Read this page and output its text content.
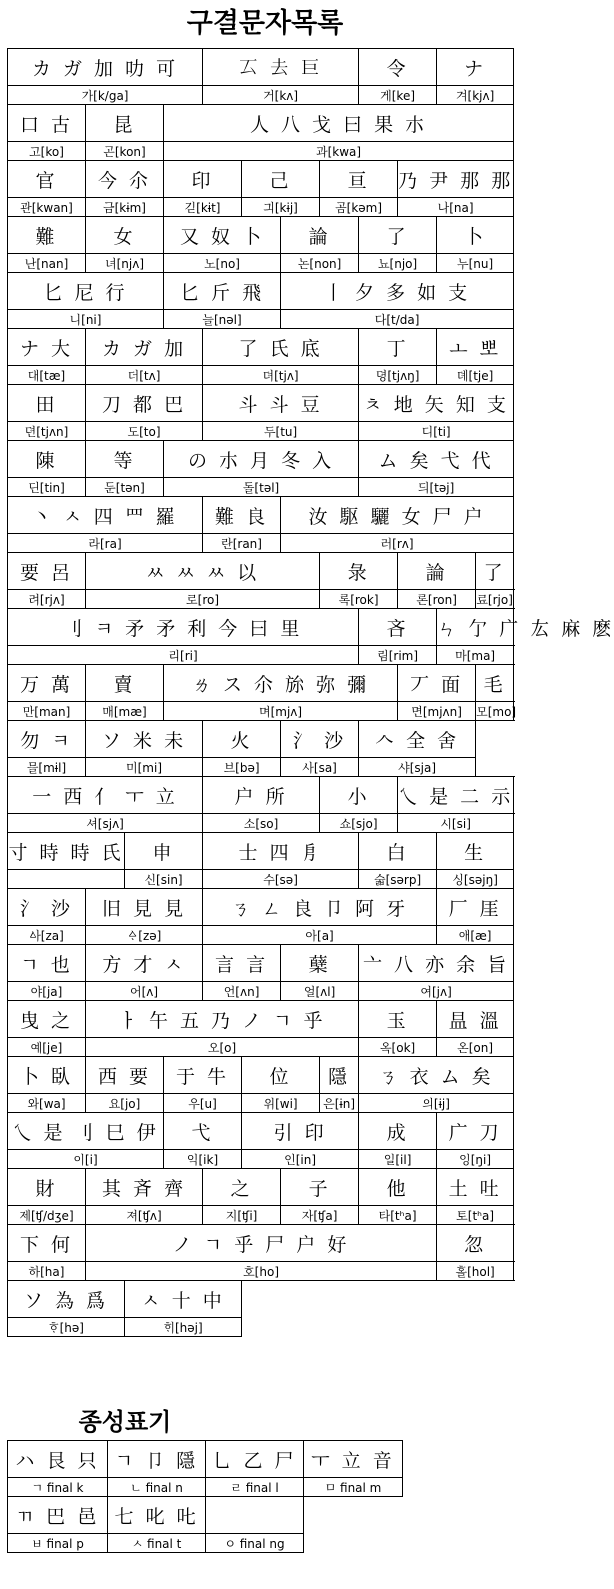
구결문자목록
カ ガ 加 叻 可				𠫔 去 巨				令		ナ		
가[k/ga]				거[kʌ]				게[ke]		겨[kjʌ]		
口 古	昆		人 八 戈 曰 果 朩									
고[ko]	곤[kon]		과[kwa]									
官	今 尒		印		己		亘		乃 尹 那 那			
관[kwan]	금[kɨm]		긷[kɨt]		긔[kɨj]		곰[kəm]		나[na]			
難	女		又 奴 卜			論		了		卜		
난[nan]	녀[njʌ]		노[no]			논[non]		뇨[njo]		누[nu]		
匕 尼 行			匕 斤 飛			丨 夕 多 如 支						
니[ni]			늘[nəl]			다[t/da]						
ナ 大	カ ガ 加			了 氏 底				丁		ㅗ 뽀		
대[tæ]	더[tʌ]			뎌[tjʌ]				뎡[tjʌŋ]		뎨[tje]		
田	刀 都 巴			斗 斗 豆				ㅊ 地 矢 知 支				
뎐[tjʌn]	도[to]			두[tu]				디[ti]				
陳	等		の 朩 月 冬 入					ム 矣 弋 代				
딘[tin]	둔[tən]		돌[təl]					듸[təj]				
丶 ㅅ 四 罒 羅				難 良		汝 駆 驪 女 尸 户						
라[ra]				란[ran]		러[rʌ]						
要 呂	ㅆ ㅆ ㅆ 以						彔		論		了	
려[rjʌ]	로[ro]						록[rok]		론[ron]		료[rjo]	
刂 ㅋ 矛 矛 利 今 曰 里								吝		ㄣ 亇 广 厷 麻 麽		
리[ri]								림[rim]		마[ma]		
万 萬	賣		ㄌ ス 尒 旀 弥 彌						丆 面		毛	
만[man]	매[mæ]		며[mjʌ]						면[mjʌn]		모[mo]	
勿 ㅋ	ソ 米 未			火		氵 沙		𠆢 全 舍				
믈[mɨl]	미[mi]			브[bə]		사[sa]		샤[sja]				
一 西 亻 ㅜ 立				户 所			小		乀 是 二 示			
셔[sjʌ]				소[so]			쇼[sjo]		시[si]			
寸 時 時 氏		申		士 四 㐆				白		生		
		신[sin]		수[sə]				숣[sərp]		싱[səjŋ]		
氵 沙	旧 見 見			ㄋ ㄥ 良 卩 阿 牙						厂 厓		
ᅀᅡ[za]	ᅀᆞ[zə]			아[a]						애[æ]		
ㄱ 也	方 才 ㅅ			言 言		蘖		亠 八 亦 余 旨				
야[ja]	어[ʌ]			언[ʌn]		얼[ʌl]		여[jʌ]				
曳 之	ㅏ 午 五 乃 ノ ㄱ 乎							玉		昷 溫		
예[je]	오[o]							옥[ok]		온[on]		
卜 臥	西 要		于 牛		位		隱	ㄋ 衣 ム 矣				
와[wa]	요[jo]		우[u]		위[wi]		은[ɨn]	의[ɨj]				
乀 是 刂 巳 伊			弋		引 印			成		广 刀		
이[i]			익[ik]		인[in]			일[il]		잉[ŋi]		
財	其 斉 齊			之		子		他		土 吐		
제[ʧ/dʒe]	져[ʧʌ]			지[ʧi]		자[ʧa]		타[tʰa]		토[tʰa]		
下 何	ノ ㄱ 乎 尸 户 好									忽	
하[ha]	호[ho]									홀[hol]	
ソ 為 爲		ㅅ 十 中										
ᄒᆞ[hə]		ᄒᆡ[həj]										
종성표기
ハ 艮 只	ㄱ 卩 隱	乚 乙 尸	ㅜ 立 音
ㄱ final k	ㄴ final n	ㄹ final l	ㅁ final m
ㄲ 巴 邑	七 叱 𠮟		
ㅂ final p	ㅅ final t	ㅇ final ng	
